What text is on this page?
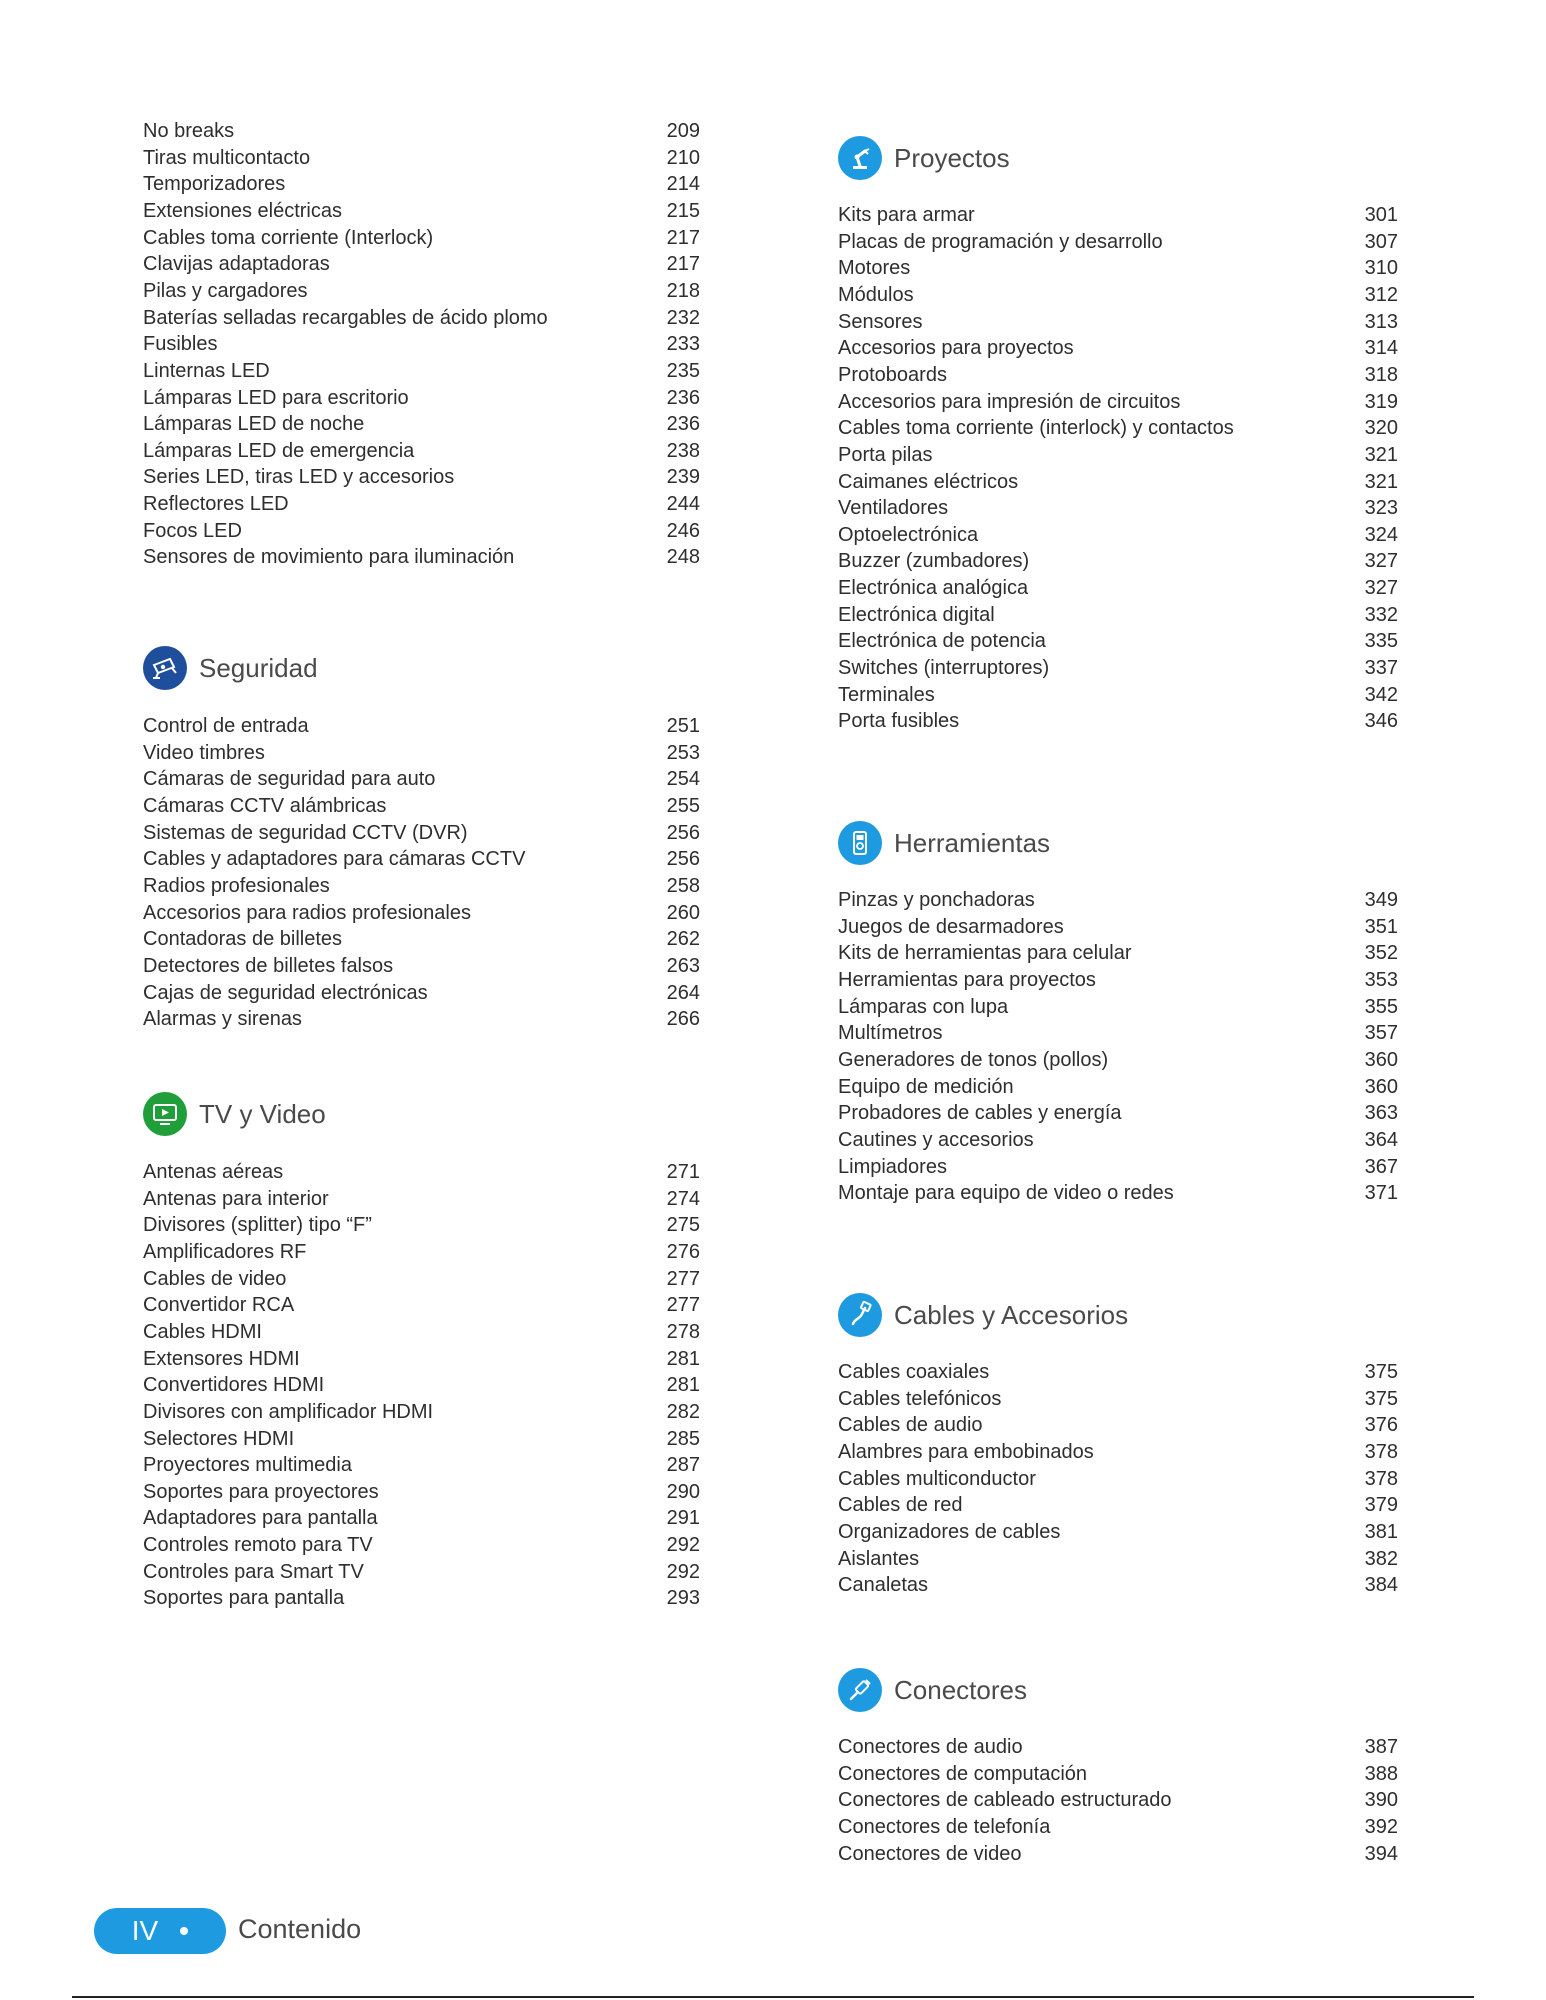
No breaks	209
Tiras multicontacto	210
Temporizadores	214
Extensiones eléctricas	215
Cables toma corriente (Interlock)	217
Clavijas adaptadoras	217
Pilas y cargadores	218
Baterías selladas recargables de ácido plomo	232
Fusibles	233
Linternas LED	235
Lámparas LED para escritorio	236
Lámparas LED de noche	236
Lámparas LED de emergencia	238
Series LED, tiras LED y accesorios	239
Reflectores LED	244
Focos LED	246
Sensores de movimiento para iluminación	248
Seguridad
Control de entrada	251
Video timbres	253
Cámaras de seguridad para auto	254
Cámaras CCTV alámbricas	255
Sistemas de seguridad CCTV (DVR)	256
Cables y adaptadores para cámaras CCTV	256
Radios profesionales	258
Accesorios para radios profesionales	260
Contadoras de billetes	262
Detectores de billetes falsos	263
Cajas de seguridad electrónicas	264
Alarmas y sirenas	266
TV y Video
Antenas aéreas	271
Antenas para interior	274
Divisores (splitter) tipo “F”	275
Amplificadores RF	276
Cables de video	277
Convertidor RCA	277
Cables HDMI	278
Extensores HDMI	281
Convertidores HDMI	281
Divisores con amplificador HDMI	282
Selectores HDMI	285
Proyectores multimedia	287
Soportes para proyectores	290
Adaptadores para pantalla	291
Controles remoto para TV	292
Controles para Smart TV	292
Soportes para pantalla	293
Proyectos
Kits para armar	301
Placas de programación y desarrollo	307
Motores	310
Módulos	312
Sensores	313
Accesorios para proyectos	314
Protoboards	318
Accesorios para impresión de circuitos	319
Cables toma corriente (interlock) y contactos	320
Porta pilas	321
Caimanes eléctricos	321
Ventiladores	323
Optoelectrónica	324
Buzzer (zumbadores)	327
Electrónica analógica	327
Electrónica digital	332
Electrónica de potencia	335
Switches (interruptores)	337
Terminales	342
Porta fusibles	346
Herramientas
Pinzas y ponchadoras	349
Juegos de desarmadores	351
Kits de herramientas para celular	352
Herramientas para proyectos	353
Lámparas con lupa	355
Multímetros	357
Generadores de tonos (pollos)	360
Equipo de medición	360
Probadores de cables y energía	363
Cautines y accesorios	364
Limpiadores	367
Montaje para equipo de video o redes	371
Cables y Accesorios
Cables coaxiales	375
Cables telefónicos	375
Cables de audio	376
Alambres para embobinados	378
Cables multiconductor	378
Cables de red	379
Organizadores de cables	381
Aislantes	382
Canaletas	384
Conectores
Conectores de audio	387
Conectores de computación	388
Conectores de cableado estructurado	390
Conectores de telefonía	392
Conectores de video	394
IV	Contenido
